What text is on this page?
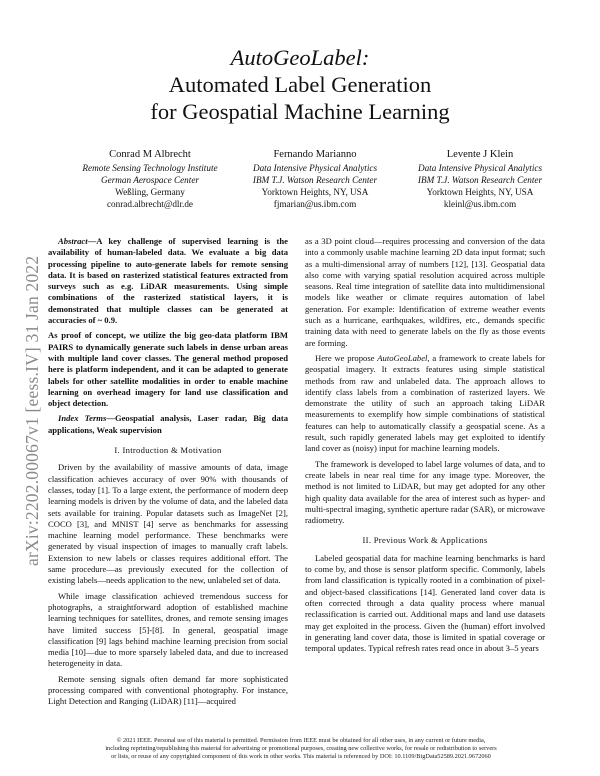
arXiv:2202.00067v1 [eess.IV] 31 Jan 2022
AutoGeoLabel:
Automated Label Generation
for Geospatial Machine Learning
Conrad M Albrecht
Remote Sensing Technology Institute
German Aerospace Center
Weßling, Germany
conrad.albrecht@dlr.de
Fernando Marianno
Data Intensive Physical Analytics
IBM T.J. Watson Research Center
Yorktown Heights, NY, USA
fjmarian@us.ibm.com
Levente J Klein
Data Intensive Physical Analytics
IBM T.J. Watson Research Center
Yorktown Heights, NY, USA
kleinl@us.ibm.com

Abstract—A key challenge of supervised learning is the availability of human-labeled data. We evaluate a big data processing pipeline to auto-generate labels for remote sensing data. It is based on rasterized statistical features extracted from surveys such as e.g. LiDAR measurements. Using simple combinations of the rasterized statistical layers, it is demonstrated that multiple classes can be generated at accuracies of ~ 0.9.

As proof of concept, we utilize the big geo-data platform IBM PAIRS to dynamically generate such labels in dense urban areas with multiple land cover classes. The general method proposed here is platform independent, and it can be adapted to generate labels for other satellite modalities in order to enable machine learning on overhead imagery for land use classification and object detection.

Index Terms—Geospatial analysis, Laser radar, Big data applications, Weak supervision

I. Introduction & Motivation

Driven by the availability of massive amounts of data, image classification achieves accuracy of over 90% with thousands of classes, today [1]. To a large extent, the performance of modern deep learning models is driven by the volume of data, and the labeled data sets available for training. Popular datasets such as ImageNet [2], COCO [3], and MNIST [4] serve as benchmarks for assessing machine learning model performance. These benchmarks were generated by visual inspection of images to manually craft labels. Extension to new labels or classes requires additional effort. The same procedure—as previously executed for the collection of existing labels—needs application to the new, unlabeled set of data.

While image classification achieved tremendous success for photographs, a straightforward adoption of established machine learning techniques for satellites, drones, and remote sensing images have limited success [5]-[8]. In general, geospatial image classification [9] lags behind machine learning precision from social media [10]—due to more sparsely labeled data, and due to increased heterogeneity in data.

Remote sensing signals often demand far more sophisticated processing compared with conventional photography. For instance, Light Detection and Ranging (LiDAR) [11]—acquired

as a 3D point cloud—requires processing and conversion of the data into a commonly usable machine learning 2D data input format; such as a multi-dimensional array of numbers [12], [13]. Geospatial data also come with varying spatial resolution acquired across multiple seasons. Real time integration of satellite data into multidimensional models like weather or climate requires automation of label generation. For example: Identification of extreme weather events such as a hurricane, earthquakes, wildfires, etc., demands specific training data with need to generate labels on the fly as those events are forming.

Here we propose AutoGeoLabel, a framework to create labels for geospatial imagery. It extracts features using simple statistical methods from raw and unlabeled data. The approach allows to identify class labels from a combination of rasterized layers. We demonstrate the utility of such an approach taking LiDAR measurements to exemplify how simple combinations of statistical features can help to automatically classify a geospatial scene. As a result, such rapidly generated labels may get exploited to identify land cover as (noisy) input for machine learning models.

The framework is developed to label large volumes of data, and to create labels in near real time for any image type. Moreover, the method is not limited to LiDAR, but may get adopted for any other high quality data available for the area of interest such as hyper- and multi-spectral imaging, synthetic aperture radar (SAR), or microwave radiometry.

II. Previous Work & Applications

Labeled geospatial data for machine learning benchmarks is hard to come by, and those is sensor platform specific. Commonly, labels from land classification is typically rooted in a combination of pixel- and object-based classifications [14]. Generated land cover data is often corrected through a data quality process where manual reclassification is carried out. Additional maps and land use datasets may get exploited in the process. Given the (human) effort involved in generating land cover data, those is limited in spatial coverage or temporal updates. Typical refresh rates read once in about 3–5 years

© 2021 IEEE. Personal use of this material is permitted. Permission from IEEE must be obtained for all other uses, in any current or future media,
including reprinting/republishing this material for advertising or promotional purposes, creating new collective works, for resale or redistribution to servers
or lists, or reuse of any copyrighted component of this work in other works. This material is referenced by DOI: 10.1109/BigData52589.2021.9672060
